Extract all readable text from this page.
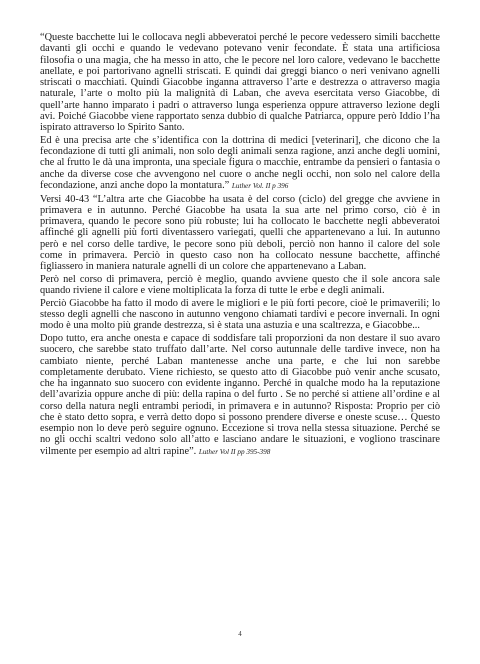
“Queste bacchette lui le collocava negli abbeveratoi perché le pecore vedessero simili bacchette davanti gli occhi e quando le vedevano potevano venir fecondate. È stata una artificiosa filosofia o una magia, che ha messo in atto, che le pecore nel loro calore, vedevano le bacchette anellate, e poi partorivano agnelli striscati. E quindi dai greggi bianco o neri venivano agnelli striscati o macchiati. Quindi Giacobbe inganna attraverso l’arte e destrezza o attraverso magia naturale, l’arte o molto più la malignità di Laban, che aveva esercitata verso Giacobbe, di quell’arte hanno imparato i padri o attraverso lunga esperienza oppure attraverso lezione degli avi. Poiché Giacobbe viene rapportato senza dubbio di qualche Patriarca, oppure però Iddio l’ha ispirato attraverso lo Spirito Santo.

Ed è una precisa arte che s’identifica con la dottrina di medici [veterinari], che dicono che la fecondazione di tutti gli animali, non solo degli animali senza ragione, anzi anche degli uomini, che al frutto le dà una impronta, una speciale figura o macchie, entrambe da pensieri o fantasia o anche da diverse cose che avvengono nel cuore o anche negli occhi, non solo nel calore della fecondazione, anzi anche dopo la montatura.” Luther Vol. II p 396

Versi 40-43 “L’altra arte che Giacobbe ha usata è del corso (ciclo) del gregge che avviene in primavera e in autunno. Perché Giacobbe ha usata la sua arte nel primo corso, ciò è in primavera, quando le pecore sono più robuste; lui ha collocato le bacchette negli abbeveratoi affinché gli agnelli più forti diventassero variegati, quelli che appartenevano a lui. In autunno però e nel corso delle tardive, le pecore sono più deboli, perciò non hanno il calore del sole come in primavera. Perciò in questo caso non ha collocato nessune bacchette, affinché figliassero in maniera naturale agnelli di un colore che appartenevano a Laban.

Però nel corso di primavera, perciò è meglio, quando avviene questo che il sole ancora sale quando riviene il calore e viene moltiplicata la forza di tutte le erbe e degli animali.

Perciò Giacobbe ha fatto il modo di avere le migliori e le più forti pecore, cioè le primaverili; lo stesso degli agnelli che nascono in autunno vengono chiamati tardivi e pecore invernali. In ogni modo è una molto più grande destrezza, sì è stata una astuzia e una scaltrezza, e Giacobbe...

Dopo tutto, era anche onesta e capace di soddisfare tali proporzioni da non destare il suo avaro suocero, che sarebbe stato truffato dall’arte. Nel corso autunnale delle tardive invece, non ha cambiato niente, perché Laban mantenesse anche una parte, e che lui non sarebbe completamente derubato. Viene richiesto, se questo atto di Giacobbe può venir anche scusato, che ha ingannato suo suocero con evidente inganno. Perché in qualche modo ha la reputazione dell’avarizia oppure anche di più: della rapina o del furto . Se no perché si attiene all’ordine e al corso della natura negli entrambi periodi, in primavera e in autunno? Risposta: Proprio per ciò che è stato detto sopra, e verrà detto dopo si possono prendere diverse e oneste scuse… Questo esempio non lo deve però seguire ognuno. Eccezione si trova nella stessa situazione. Perché se no gli occhi scaltri vedono solo all’atto e lasciano andare le situazioni, e vogliono trascinare vilmente per esempio ad altri rapine”. Luther Vol II pp 395-398

4
